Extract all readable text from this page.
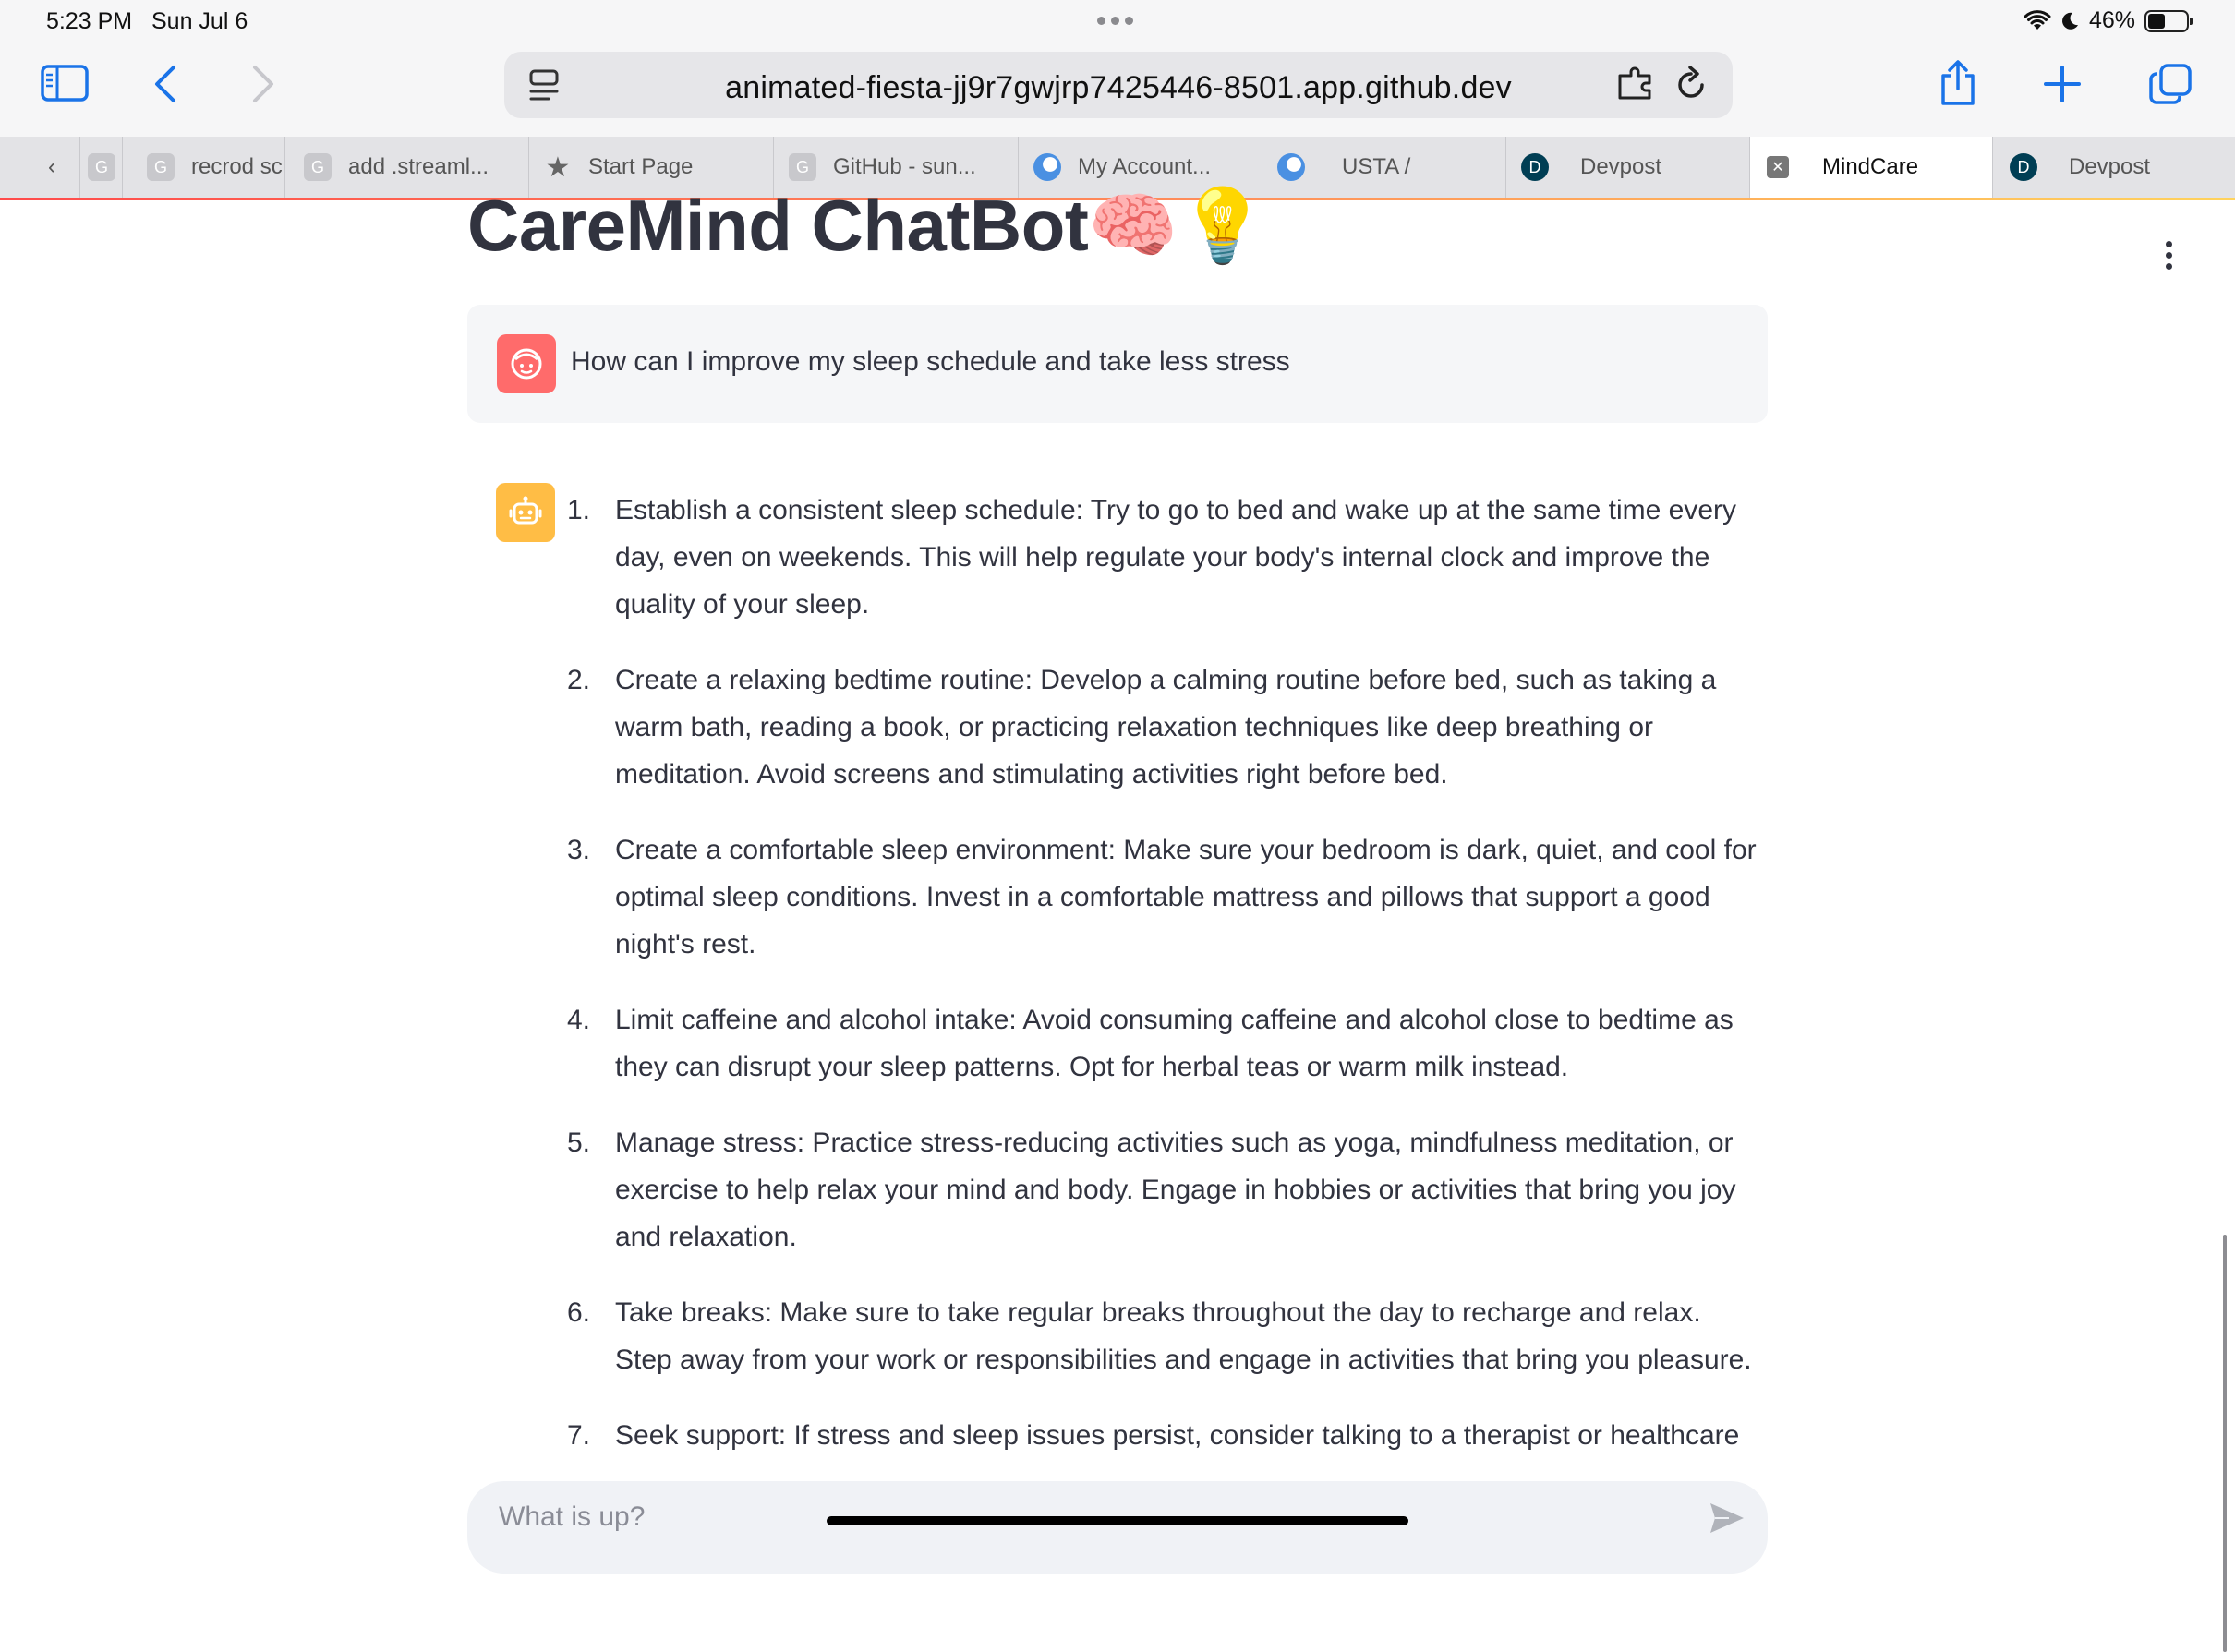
5:23 PM Sun Jul 6	46%
animated-fiesta-jj9r7gwjrp7425446-8501.app.github.dev
‹	G	G	recrod sc	G	add .streaml... ★ Start Page	G	GitHub - sun...	My Account...	USTA /	D	Devpost	✕ MindCare	D	Devpost
CareMind ChatBot🧠💡
How can I improve my sleep schedule and take less stress
1. Establish a consistent sleep schedule: Try to go to bed and wake up at the same time every day, even on weekends. This will help regulate your body's internal clock and improve the quality of your sleep.
2. Create a relaxing bedtime routine: Develop a calming routine before bed, such as taking a warm bath, reading a book, or practicing relaxation techniques like deep breathing or meditation. Avoid screens and stimulating activities right before bed.
3. Create a comfortable sleep environment: Make sure your bedroom is dark, quiet, and cool for optimal sleep conditions. Invest in a comfortable mattress and pillows that support a good night's rest.
4. Limit caffeine and alcohol intake: Avoid consuming caffeine and alcohol close to bedtime as they can disrupt your sleep patterns. Opt for herbal teas or warm milk instead.
5. Manage stress: Practice stress-reducing activities such as yoga, mindfulness meditation, or exercise to help relax your mind and body. Engage in hobbies or activities that bring you joy and relaxation.
6. Take breaks: Make sure to take regular breaks throughout the day to recharge and relax. Step away from your work or responsibilities and engage in activities that bring you pleasure.
7. Seek support: If stress and sleep issues persist, consider talking to a therapist or healthcare
What is up?
